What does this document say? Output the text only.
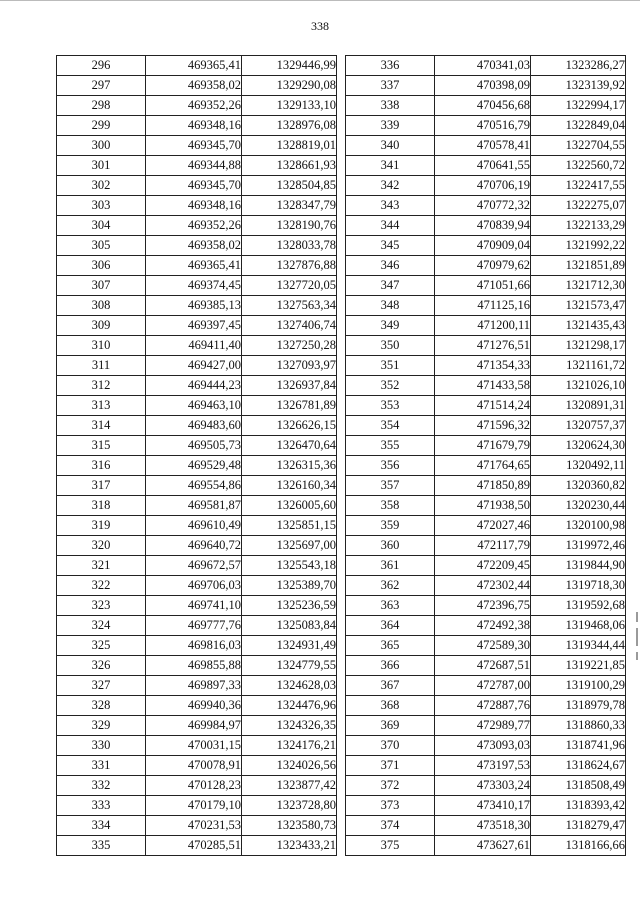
338
296	469365,41	1329446,99
297	469358,02	1329290,08
298	469352,26	1329133,10
299	469348,16	1328976,08
300	469345,70	1328819,01
301	469344,88	1328661,93
302	469345,70	1328504,85
303	469348,16	1328347,79
304	469352,26	1328190,76
305	469358,02	1328033,78
306	469365,41	1327876,88
307	469374,45	1327720,05
308	469385,13	1327563,34
309	469397,45	1327406,74
310	469411,40	1327250,28
311	469427,00	1327093,97
312	469444,23	1326937,84
313	469463,10	1326781,89
314	469483,60	1326626,15
315	469505,73	1326470,64
316	469529,48	1326315,36
317	469554,86	1326160,34
318	469581,87	1326005,60
319	469610,49	1325851,15
320	469640,72	1325697,00
321	469672,57	1325543,18
322	469706,03	1325389,70
323	469741,10	1325236,59
324	469777,76	1325083,84
325	469816,03	1324931,49
326	469855,88	1324779,55
327	469897,33	1324628,03
328	469940,36	1324476,96
329	469984,97	1324326,35
330	470031,15	1324176,21
331	470078,91	1324026,56
332	470128,23	1323877,42
333	470179,10	1323728,80
334	470231,53	1323580,73
335	470285,51	1323433,21
336	470341,03	1323286,27
337	470398,09	1323139,92
338	470456,68	1322994,17
339	470516,79	1322849,04
340	470578,41	1322704,55
341	470641,55	1322560,72
342	470706,19	1322417,55
343	470772,32	1322275,07
344	470839,94	1322133,29
345	470909,04	1321992,22
346	470979,62	1321851,89
347	471051,66	1321712,30
348	471125,16	1321573,47
349	471200,11	1321435,43
350	471276,51	1321298,17
351	471354,33	1321161,72
352	471433,58	1321026,10
353	471514,24	1320891,31
354	471596,32	1320757,37
355	471679,79	1320624,30
356	471764,65	1320492,11
357	471850,89	1320360,82
358	471938,50	1320230,44
359	472027,46	1320100,98
360	472117,79	1319972,46
361	472209,45	1319844,90
362	472302,44	1319718,30
363	472396,75	1319592,68
364	472492,38	1319468,06
365	472589,30	1319344,44
366	472687,51	1319221,85
367	472787,00	1319100,29
368	472887,76	1318979,78
369	472989,77	1318860,33
370	473093,03	1318741,96
371	473197,53	1318624,67
372	473303,24	1318508,49
373	473410,17	1318393,42
374	473518,30	1318279,47
375	473627,61	1318166,66
